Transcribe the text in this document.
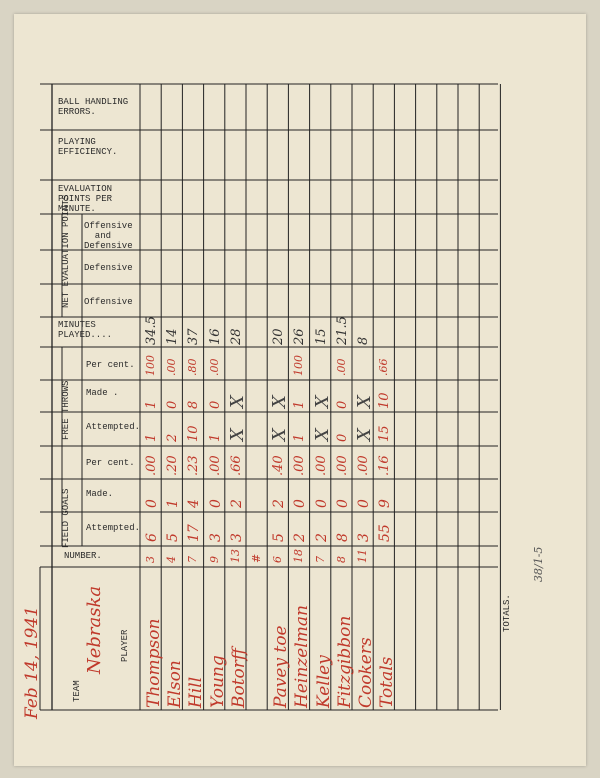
BALL HANDLING
ERRORS.
PLAYING
EFFICIENCY.
EVALUATION
POINTS PER
MINUTE.
NET EVALUATION POINTS Offensive
and
Defensive
Defensive
Offensive
MINUTES
PLAYED....
FREE THROWS
Per cent.
Made .
Attempted.
FIELD GOALS
Per cent.
Made.
Attempted.
NUMBER.
TEAM
PLAYER
TOTALS.
Nebraska
Feb 14, 1941
38/1-5
3
6
0
.00
1
1
100
34.5
Thompson
4
5
1
.20
2
0
.00
14
Elson
7
17
4
.23
10
8
.80
37
Hill
9
3
0
.00
1
0
.00
16
Young
13
3
2
.66
X
X
28
Botorff
# 6
5
2
.40
X
X
20
Pavey toe
18
2
0
.00
1
1
100
26
Heinzelman
7
2
0
.00
X
X
15
Kelley
8
8
0
.00
0
0
.00
21.5
Fitzgibbon
11
3
0
.00
X
X
8
Cookers
55
9
.16
15
10
.66
Totals
